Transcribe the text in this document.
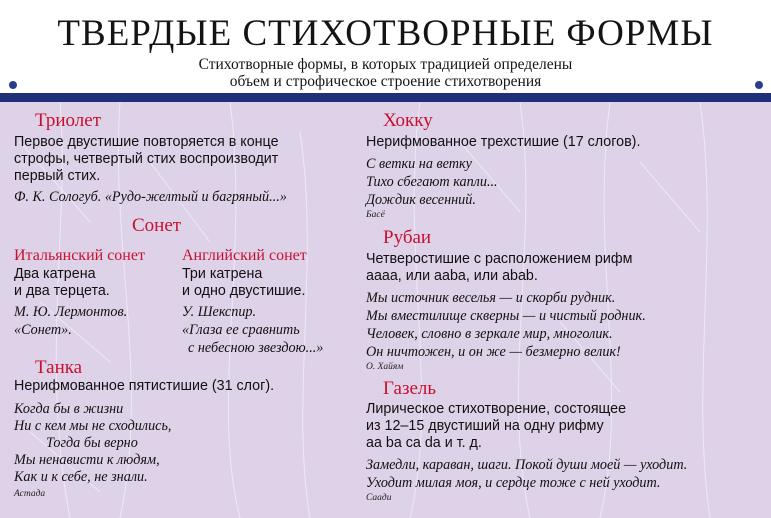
ТВЕРДЫЕ СТИХОТВОРНЫЕ ФОРМЫ
Стихотворные формы, в которых традицией определены
объем и строфическое строение стихотворения
Триолет
Первое двустишие повторяется в конце
строфы, четвертый стих воспроизводит
первый стих.
Ф. К. Сологуб. «Рудо-желтый и багряный...»
Сонет
Итальянский сонет
Два катрена
и два терцета.
М. Ю. Лермонтов.
«Сонет».
Английский сонет
Три катрена
и одно двустишие.
У. Шекспир.
«Глаза ее сравнить
с небесною звездою...»
Танка
Нерифмованное пятистишие (31 слог).
Когда бы в жизни
Ни с кем мы не сходились,
Тогда бы верно
Мы ненависти к людям,
Как и к себе, не знали.
Астада
Хокку
Нерифмованное трехстишие (17 слогов).
С ветки на ветку
Тихо сбегают капли...
Дождик весенний.
Басё
Рубаи
Четверостишие с расположением рифм
аааа, или ааbа, или abab.
Мы источник веселья — и скорби рудник.
Мы вместилище скверны — и чистый родник.
Человек, словно в зеркале мир, многолик.
Он ничтожен, и он же — безмерно велик!
О. Хайям
Газель
Лирическое стихотворение, состоящее
из 12–15 двустиший на одну рифму
аа bа cа dа и т. д.
Замедли, караван, шаги. Покой души моей — уходит.
Уходит милая моя, и сердце тоже с ней уходит.
Саади
